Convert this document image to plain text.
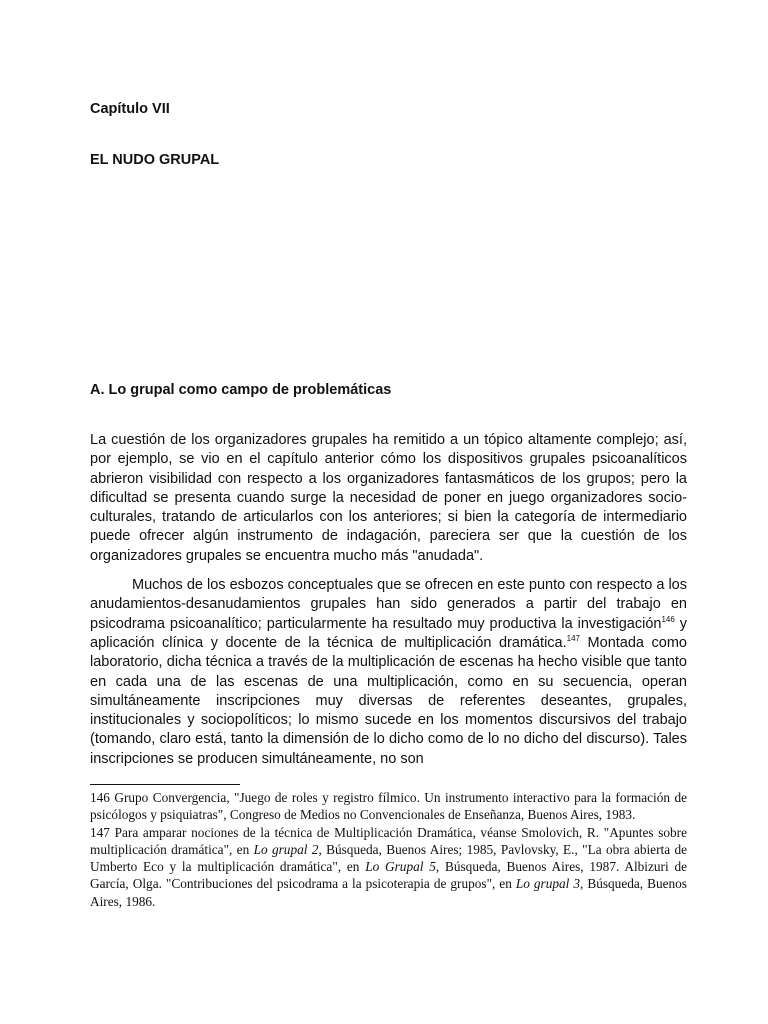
Capítulo VII
EL NUDO GRUPAL
A. Lo grupal como campo de problemáticas

La cuestión de los organizadores grupales ha remitido a un tópico altamente complejo; así, por ejemplo, se vio en el capítulo anterior cómo los dispositivos grupales psicoanalíticos abrieron visibilidad con respecto a los organizadores fantasmáticos de los grupos; pero la dificultad se presenta cuando surge la necesidad de poner en juego organizadores socio-culturales, tratando de articularlos con los anteriores; si bien la categoría de intermediario puede ofrecer algún instrumento de indagación, pareciera ser que la cuestión de los organizadores grupales se encuentra mucho más "anudada".

Muchos de los esbozos conceptuales que se ofrecen en este punto con respecto a los anudamientos-desanudamientos grupales han sido generados a partir del trabajo en psicodrama psicoanalítico; particularmente ha resultado muy productiva la investigación$^{146}$ y aplicación clínica y docente de la técnica de multiplicación dramática.$^{147}$ Montada como laboratorio, dicha técnica a través de la multiplicación de escenas ha hecho visible que tanto en cada una de las escenas de una multiplicación, como en su secuencia, operan simultáneamente inscripciones muy diversas de referentes deseantes, grupales, institucionales y sociopolíticos; lo mismo sucede en los momentos discursivos del trabajo (tomando, claro está, tanto la dimensión de lo dicho como de lo no dicho del discurso). Tales inscripciones se producen simultáneamente, no son

146 Grupo Convergencia, "Juego de roles y registro fílmico. Un instrumento interactivo para la formación de psicólogos y psiquiatras", Congreso de Medios no Convencionales de Enseñanza, Buenos Aires, 1983.

147 Para amparar nociones de la técnica de Multiplicación Dramática, véanse Smolovich, R. "Apuntes sobre multiplicación dramática", en Lo grupal 2, Búsqueda, Buenos Aires; 1985, Pavlovsky, E., "La obra abierta de Umberto Eco y la multiplicación dramática", en Lo Grupal 5, Búsqueda, Buenos Aires, 1987. Albizuri de García, Olga. "Contribuciones del psicodrama a la psicoterapia de grupos", en Lo grupal 3, Búsqueda, Buenos Aires, 1986.
